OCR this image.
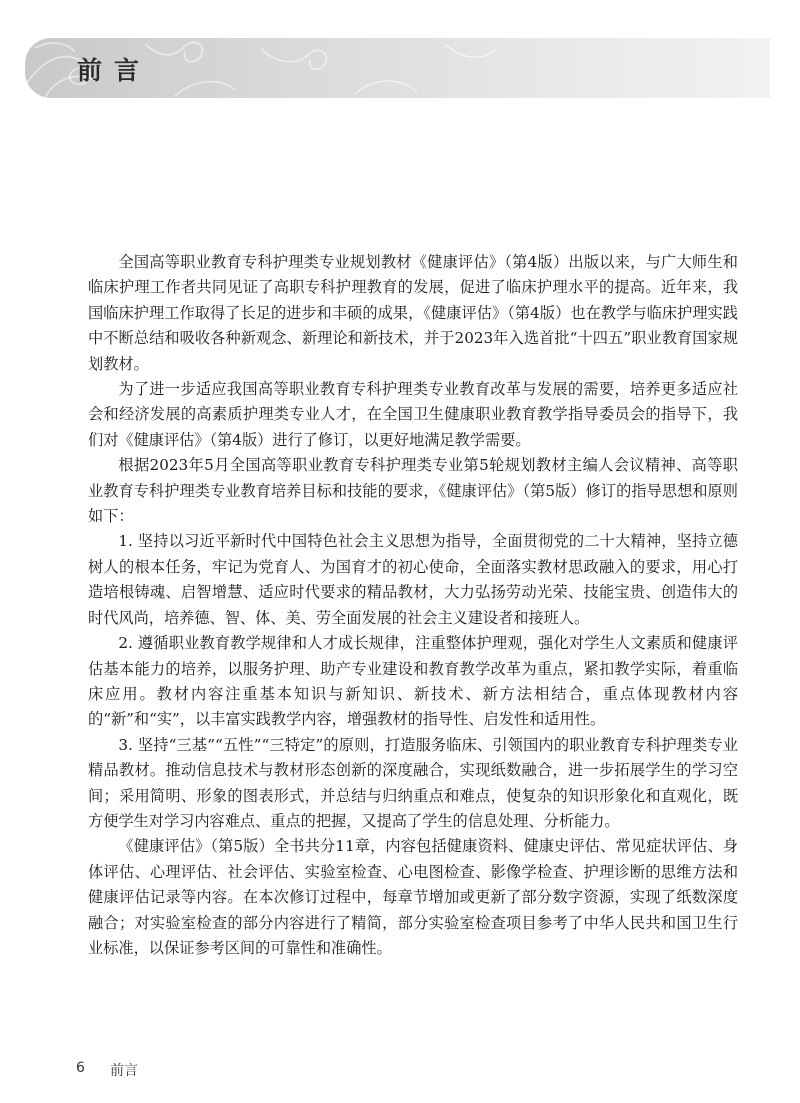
前言

全国高等职业教育专科护理类专业规划教材《健康评估》（第4版）出版以来，与广大师生和临床护理工作者共同见证了高职专科护理教育的发展，促进了临床护理水平的提高。近年来，我国临床护理工作取得了长足的进步和丰硕的成果，《健康评估》（第4版）也在教学与临床护理实践中不断总结和吸收各种新观念、新理论和新技术，并于2023年入选首批“十四五”职业教育国家规划教材。

为了进一步适应我国高等职业教育专科护理类专业教育改革与发展的需要，培养更多适应社会和经济发展的高素质护理类专业人才，在全国卫生健康职业教育教学指导委员会的指导下，我们对《健康评估》（第4版）进行了修订，以更好地满足教学需要。

根据2023年5月全国高等职业教育专科护理类专业第5轮规划教材主编人会议精神、高等职业教育专科护理类专业教育培养目标和技能的要求，《健康评估》（第5版）修订的指导思想和原则如下：

1. 坚持以习近平新时代中国特色社会主义思想为指导，全面贯彻党的二十大精神，坚持立德树人的根本任务，牢记为党育人、为国育才的初心使命，全面落实教材思政融入的要求，用心打造培根铸魂、启智增慧、适应时代要求的精品教材，大力弘扬劳动光荣、技能宝贵、创造伟大的时代风尚，培养德、智、体、美、劳全面发展的社会主义建设者和接班人。

2. 遵循职业教育教学规律和人才成长规律，注重整体护理观，强化对学生人文素质和健康评估基本能力的培养，以服务护理、助产专业建设和教育教学改革为重点，紧扣教学实际，着重临床应用。教材内容注重基本知识与新知识、新技术、新方法相结合，重点体现教材内容的“新”和“实”，以丰富实践教学内容，增强教材的指导性、启发性和适用性。

3. 坚持“三基”“五性”“三特定”的原则，打造服务临床、引领国内的职业教育专科护理类专业精品教材。推动信息技术与教材形态创新的深度融合，实现纸数融合，进一步拓展学生的学习空间；采用简明、形象的图表形式，并总结与归纳重点和难点，使复杂的知识形象化和直观化，既方便学生对学习内容难点、重点的把握，又提高了学生的信息处理、分析能力。

《健康评估》（第5版）全书共分11章，内容包括健康资料、健康史评估、常见症状评估、身体评估、心理评估、社会评估、实验室检查、心电图检查、影像学检查、护理诊断的思维方法和健康评估记录等内容。在本次修订过程中，每章节增加或更新了部分数字资源，实现了纸数深度融合；对实验室检查的部分内容进行了精简，部分实验室检查项目参考了中华人民共和国卫生行业标准，以保证参考区间的可靠性和准确性。

6 前言
